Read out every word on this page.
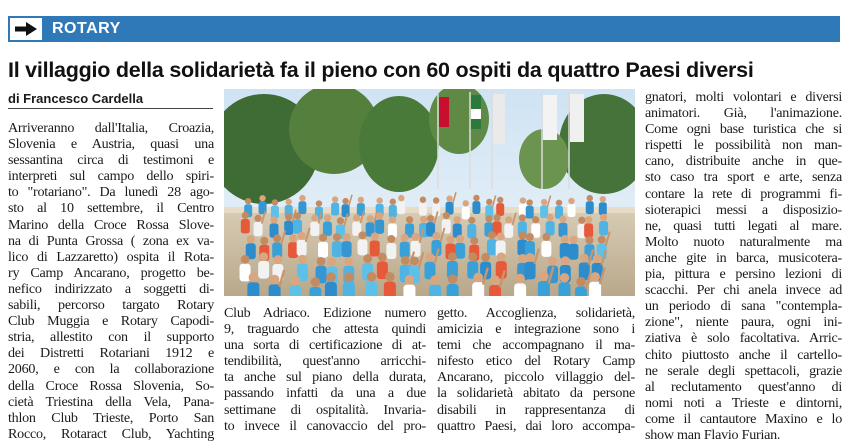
ROTARY
Il villaggio della solidarietà fa il pieno con 60 ospiti da quattro Paesi diversi
di Francesco Cardella
Arriveranno dall'Italia, Croazia,
Slovenia e Austria, quasi una
sessantina circa di testimoni e
interpreti sul campo dello spiri-
to "rotariano". Da lunedì 28 ago-
sto al 10 settembre, il Centro
Marino della Croce Rossa Slove-
na di Punta Grossa ( zona ex va-
lico di Lazzaretto) ospita il Rota-
ry Camp Ancarano, progetto be-
nefico indirizzato a soggetti di-
sabili, percorso targato Rotary
Club Muggia e Rotary Capodi-
stria, allestito con il supporto
dei Distretti Rotariani 1912 e
2060, e con la collaborazione
della Croce Rossa Slovenia, So-
cietà Triestina della Vela, Pana-
thlon Club Trieste, Porto San
Rocco, Rotaract Club, Yachting
Club Adriaco. Edizione numero
9, traguardo che attesta quindi
una sorta di certificazione di at-
tendibilità, quest'anno arricchi-
ta anche sul piano della durata,
passando infatti da una a due
settimane di ospitalità. Invaria-
to invece il canovaccio del pro-
getto. Accoglienza, solidarietà,
amicizia e integrazione sono i
temi che accompagnano il ma-
nifesto etico del Rotary Camp
Ancarano, piccolo villaggio del-
la solidarietà abitato da persone
disabili in rappresentanza di
quattro Paesi, dai loro accompa-
gnatori, molti volontari e diversi
animatori. Già, l'animazione.
Come ogni base turistica che si
rispetti le possibilità non man-
cano, distribuite anche in que-
sto caso tra sport e arte, senza
contare la rete di programmi fi-
sioterapici messi a disposizio-
ne, quasi tutti legati al mare.
Molto nuoto naturalmente ma
anche gite in barca, musicotera-
pia, pittura e persino lezioni di
scacchi. Per chi anela invece ad
un periodo di sana "contempla-
zione", niente paura, ogni ini-
ziativa è solo facoltativa. Arric-
chito piuttosto anche il cartello-
ne serale degli spettacoli, grazie
al reclutamento quest'anno di
nomi noti a Trieste e dintorni,
come il cantautore Maxino e lo
show man Flavio Furian.
